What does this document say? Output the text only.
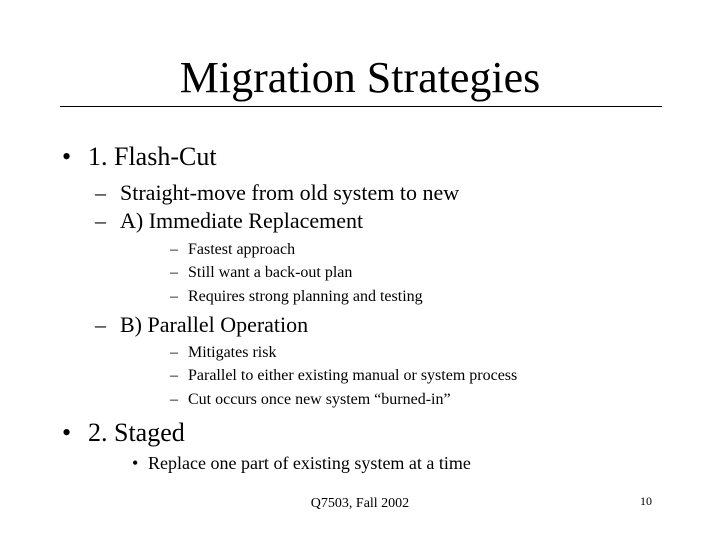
Migration Strategies
• 1. Flash-Cut
– Straight-move from old system to new
– A) Immediate Replacement
– Fastest approach
– Still want a back-out plan
– Requires strong planning and testing
– B) Parallel Operation
– Mitigates risk
– Parallel to either existing manual or system process
– Cut occurs once new system “burned-in”
• 2. Staged
• Replace one part of existing system at a time
Q7503, Fall 2002	10
